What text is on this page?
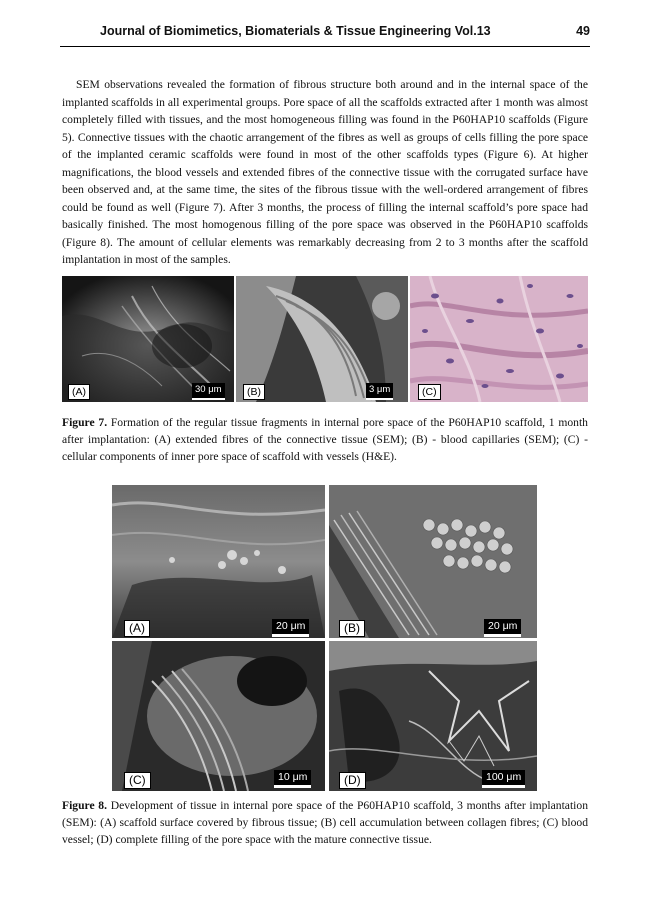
Journal of Biomimetics, Biomaterials & Tissue Engineering Vol.13	49

SEM observations revealed the formation of fibrous structure both around and in the internal space of the implanted scaffolds in all experimental groups. Pore space of all the scaffolds extracted after 1 month was almost completely filled with tissues, and the most homogeneous filling was found in the P60HAP10 scaffolds (Figure 5). Connective tissues with the chaotic arrangement of the fibres as well as groups of cells filling the pore space of the implanted ceramic scaffolds were found in most of the other scaffolds types (Figure 6). At higher magnifications, the blood vessels and extended fibres of the connective tissue with the corrugated surface have been observed and, at the same time, the sites of the fibrous tissue with the well-ordered arrangement of fibres could be found as well (Figure 7). After 3 months, the process of filling the internal scaffold’s pore space had basically finished. The most homogenous filling of the pore space was observed in the P60HAP10 scaffolds (Figure 8). The amount of cellular elements was remarkably decreasing from 2 to 3 months after the scaffold implantation in most of the samples.

(A)	30 μm	(B)	3 μm	(C)

Figure 7. Formation of the regular tissue fragments in internal pore space of the P60HAP10 scaffold, 1 month after implantation: (A) extended fibres of the connective tissue (SEM); (B) - blood capillaries (SEM); (C) - cellular components of inner pore space of scaffold with vessels (H&E).

(A)	20 μm	(B)	20 μm
(C)	10 μm	(D)	100 μm

Figure 8. Development of tissue in internal pore space of the P60HAP10 scaffold, 3 months after implantation (SEM): (A) scaffold surface covered by fibrous tissue; (B) cell accumulation between collagen fibres; (C) blood vessel; (D) complete filling of the pore space with the mature connective tissue.
